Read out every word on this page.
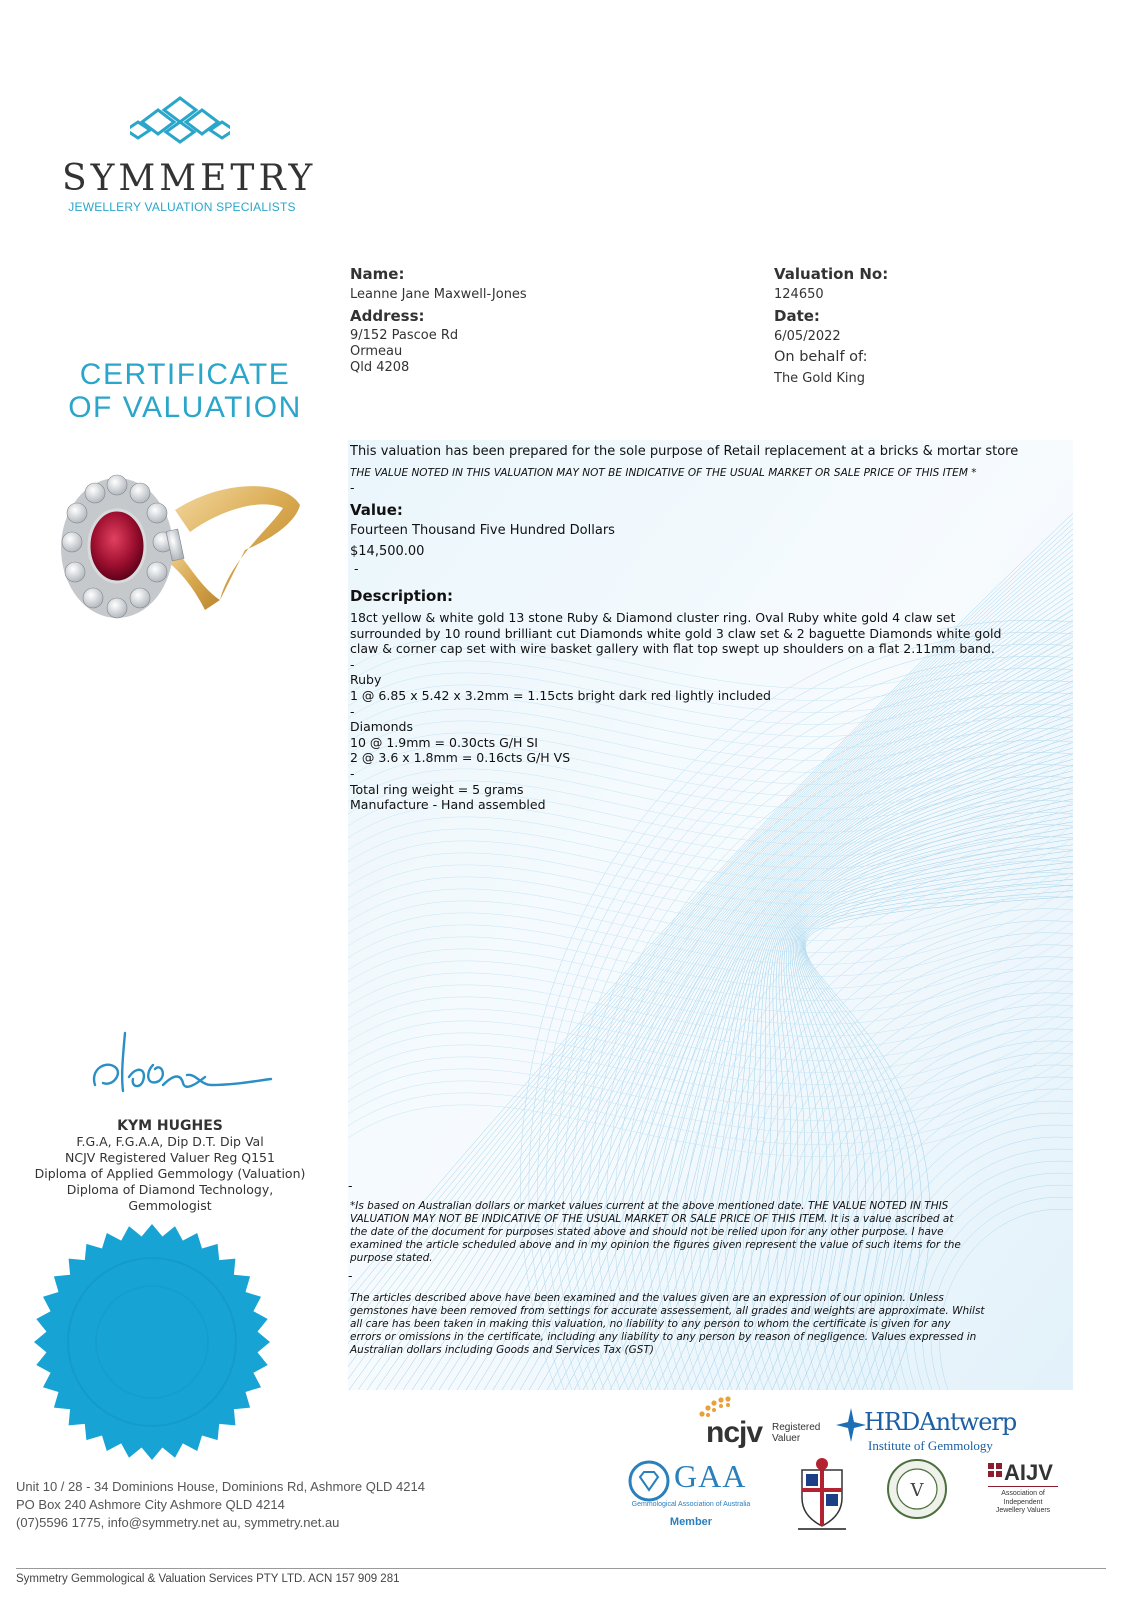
SYMMETRY
JEWELLERY VALUATION SPECIALISTS
CERTIFICATE
OF VALUATION
Name:
Leanne Jane Maxwell-Jones
Address:
9/152 Pascoe Rd
Ormeau
Qld 4208
Valuation No:
124650
Date:
6/05/2022
On behalf of:
The Gold King
This valuation has been prepared for the sole purpose of Retail replacement at a bricks & mortar store
THE VALUE NOTED IN THIS VALUATION MAY NOT BE INDICATIVE OF THE USUAL MARKET OR SALE PRICE OF THIS ITEM *
-
Value:
Fourteen Thousand Five Hundred Dollars
$14,500.00
-
Description:
18ct yellow & white gold 13 stone Ruby & Diamond cluster ring. Oval Ruby white gold 4 claw set
surrounded by 10 round brilliant cut Diamonds white gold 3 claw set & 2 baguette Diamonds white gold
claw & corner cap set with wire basket gallery with flat top swept up shoulders on a flat 2.11mm band.
-
Ruby
1 @ 6.85 x 5.42 x 3.2mm = 1.15cts bright dark red lightly included
-
Diamonds
10 @ 1.9mm = 0.30cts G/H SI
2 @ 3.6 x 1.8mm = 0.16cts G/H VS
-
Total ring weight = 5 grams
Manufacture - Hand assembled
-
*Is based on Australian dollars or market values current at the above mentioned date. THE VALUE NOTED IN THIS
VALUATION MAY NOT BE INDICATIVE OF THE USUAL MARKET OR SALE PRICE OF THIS ITEM. It is a value ascribed at
the date of the document for purposes stated above and should not be relied upon for any other purpose. I have
examined the article scheduled above and in my opinion the figures given represent the value of such items for the
purpose stated.
-
The articles described above have been examined and the values given are an expression of our opinion. Unless
gemstones have been removed from settings for accurate assessement, all grades and weights are approximate. Whilst
all care has been taken in making this valuation, no liability to any person to whom the certificate is given for any
errors or omissions in the certificate, including any liability to any person by reason of negligence. Values expressed in
Australian dollars including Goods and Services Tax (GST)
KYM HUGHES
F.G.A, F.G.A.A, Dip D.T. Dip Val
NCJV Registered Valuer Reg Q151
Diploma of Applied Gemmology (Valuation)
Diploma of Diamond Technology,
Gemmologist
ncjv Registered
Valuer
HRDAntwerp
Institute of Gemmology
GAA
Gemmological Association of Australia
Member
V
AIJV
Association of
Independent
Jewellery Valuers
Unit 10 / 28 - 34 Dominions House, Dominions Rd, Ashmore QLD 4214
PO Box 240 Ashmore City Ashmore QLD 4214
(07)5596 1775, info@symmetry.net au, symmetry.net.au
Symmetry Gemmological & Valuation Services PTY LTD. ACN 157 909 281
